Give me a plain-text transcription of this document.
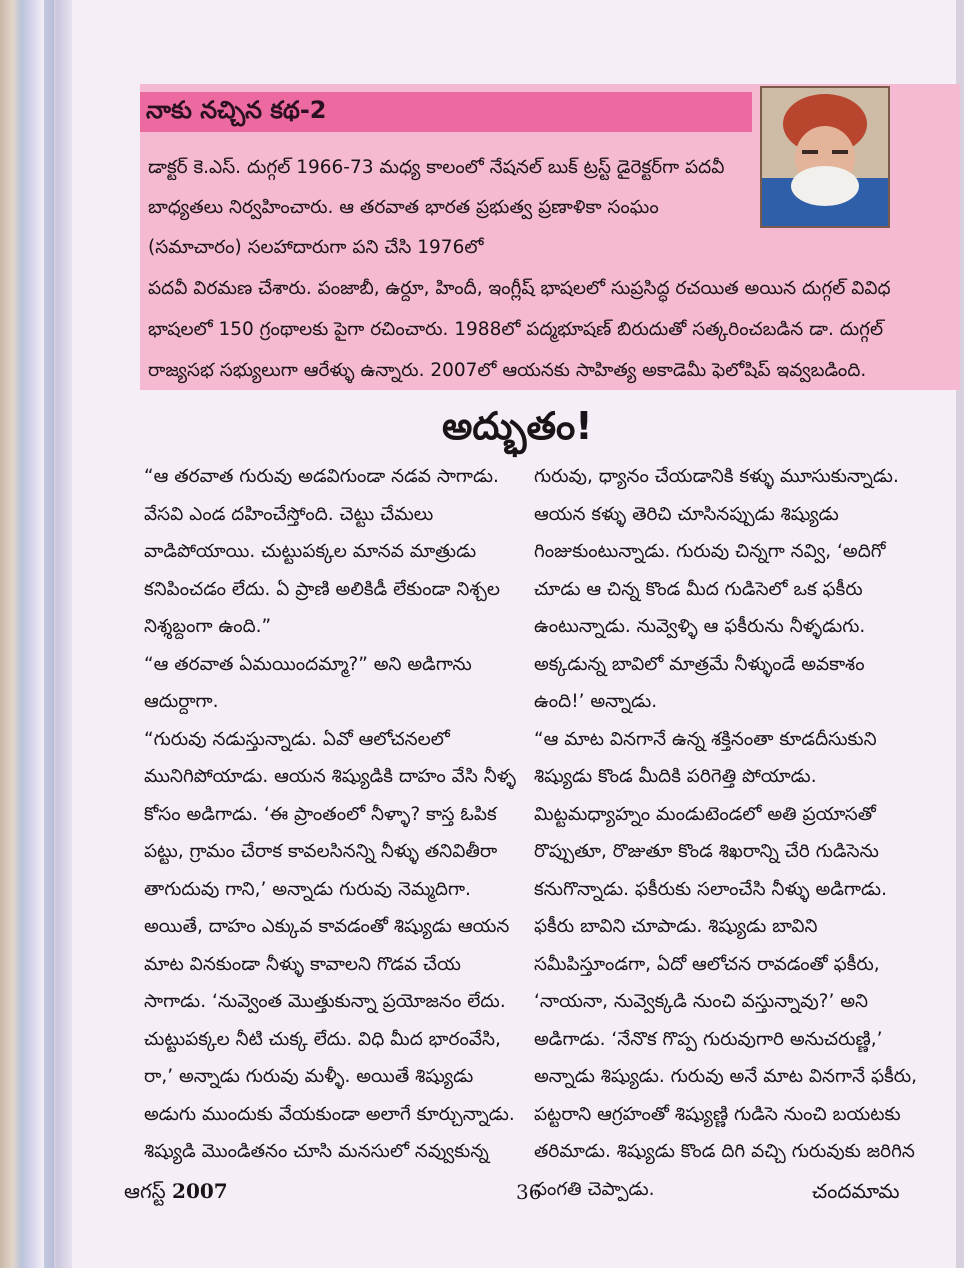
నాకు నచ్చిన కథ-2

డాక్టర్ కె.ఎస్. దుగ్గల్ 1966-73 మధ్య కాలంలో నేషనల్ బుక్ ట్రస్ట్ డైరెక్టర్‌గా పదవీ బాధ్యతలు నిర్వహించారు. ఆ తరవాత భారత ప్రభుత్వ ప్రణాళికా సంఘం (సమాచారం) సలహాదారుగా పని చేసి 1976లో

పదవీ విరమణ చేశారు. పంజాబీ, ఉర్దూ, హిందీ, ఇంగ్లీష్ భాషలలో సుప్రసిద్ధ రచయిత అయిన దుగ్గల్ వివిధ భాషలలో 150 గ్రంథాలకు పైగా రచించారు. 1988లో పద్మభూషణ్ బిరుదుతో సత్కరించబడిన డా. దుగ్గల్ రాజ్యసభ సభ్యులుగా ఆరేళ్ళు ఉన్నారు. 2007లో ఆయనకు సాహిత్య అకాడెమీ ఫెలోషిప్ ఇవ్వబడింది.

అద్భుతం!

“ఆ తరవాత గురువు అడవిగుండా నడవ సాగాడు. వేసవి ఎండ దహించేస్తోంది. చెట్టు చేమలు వాడిపోయాయి. చుట్టుపక్కల మానవ మాత్రుడు కనిపించడం లేదు. ఏ ప్రాణి అలికిడీ లేకుండా నిశ్చల నిశ్శబ్దంగా ఉంది.”

“ఆ తరవాత ఏమయిందమ్మా?” అని అడిగాను ఆదుర్దాగా.

“గురువు నడుస్తున్నాడు. ఏవో ఆలోచనలలో మునిగిపోయాడు. ఆయన శిష్యుడికి దాహం వేసి నీళ్ళ కోసం అడిగాడు. ‘ఈ ప్రాంతంలో నీళ్ళా? కాస్త ఓపిక పట్టు, గ్రామం చేరాక కావలసినన్ని నీళ్ళు తనివితీరా తాగుదువు గాని,’ అన్నాడు గురువు నెమ్మదిగా. అయితే, దాహం ఎక్కువ కావడంతో శిష్యుడు ఆయన మాట వినకుండా నీళ్ళు కావాలని గొడవ చేయ సాగాడు. ‘నువ్వెంత మొత్తుకున్నా ప్రయోజనం లేదు. చుట్టుపక్కల నీటి చుక్క లేదు. విధి మీద భారంవేసి, రా,’ అన్నాడు గురువు మళ్ళీ. అయితే శిష్యుడు అడుగు ముందుకు వేయకుండా అలాగే కూర్చున్నాడు. శిష్యుడి మొండితనం చూసి మనసులో నవ్వుకున్న

గురువు, ధ్యానం చేయడానికి కళ్ళు మూసుకున్నాడు. ఆయన కళ్ళు తెరిచి చూసినప్పుడు శిష్యుడు గింజుకుంటున్నాడు. గురువు చిన్నగా నవ్వి, ‘అదిగో చూడు ఆ చిన్న కొండ మీద గుడిసెలో ఒక ఫకీరు ఉంటున్నాడు. నువ్వెళ్ళి ఆ ఫకీరును నీళ్ళడుగు. అక్కడున్న బావిలో మాత్రమే నీళ్ళుండే అవకాశం ఉంది!’ అన్నాడు.

“ఆ మాట వినగానే ఉన్న శక్తినంతా కూడదీసుకుని శిష్యుడు కొండ మీదికి పరిగెత్తి పోయాడు. మిట్టమధ్యాహ్నం మండుటెండలో అతి ప్రయాసతో రొప్పుతూ, రొజుతూ కొండ శిఖరాన్ని చేరి గుడిసెను కనుగొన్నాడు. ఫకీరుకు సలాంచేసి నీళ్ళు అడిగాడు. ఫకీరు బావిని చూపాడు. శిష్యుడు బావిని సమీపిస్తూండగా, ఏదో ఆలోచన రావడంతో ఫకీరు, ‘నాయనా, నువ్వెక్కడి నుంచి వస్తున్నావు?’ అని అడిగాడు. ‘నేనొక గొప్ప గురువుగారి అనుచరుణ్ణి,’ అన్నాడు శిష్యుడు. గురువు అనే మాట వినగానే ఫకీరు, పట్టరాని ఆగ్రహంతో శిష్యుణ్ణి గుడిసె నుంచి బయటకు తరిమాడు. శిష్యుడు కొండ దిగి వచ్చి గురువుకు జరిగిన సంగతి చెప్పాడు.

ఆగస్ట్ 2007	36	చందమామ
